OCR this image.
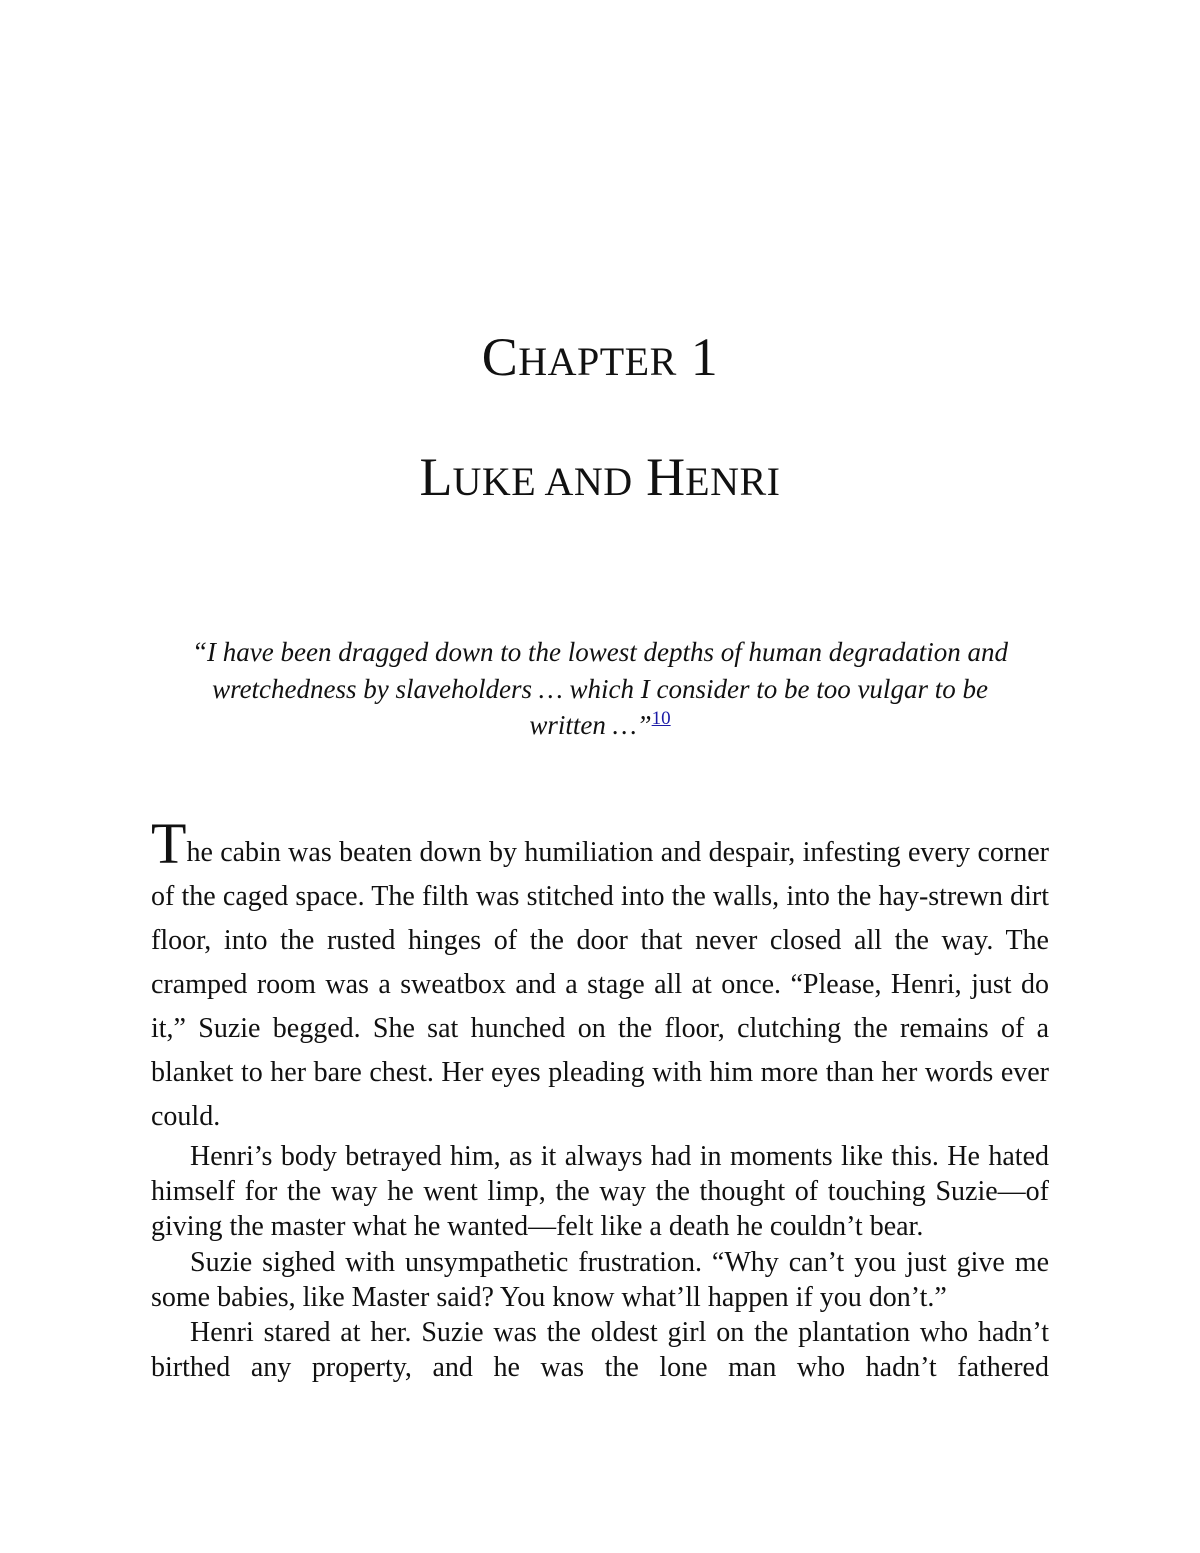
CHAPTER 1
LUKE AND HENRI
“I have been dragged down to the lowest depths of human degradation and wretchedness by slaveholders … which I consider to be too vulgar to be written …”$^{10}$

The cabin was beaten down by humiliation and despair, infesting every corner of the caged space. The filth was stitched into the walls, into the hay-strewn dirt floor, into the rusted hinges of the door that never closed all the way. The cramped room was a sweatbox and a stage all at once. “Please, Henri, just do it,” Suzie begged. She sat hunched on the floor, clutching the remains of a blanket to her bare chest. Her eyes pleading with him more than her words ever could.

Henri’s body betrayed him, as it always had in moments like this. He hated himself for the way he went limp, the way the thought of touching Suzie—of giving the master what he wanted—felt like a death he couldn’t bear.

Suzie sighed with unsympathetic frustration. “Why can’t you just give me some babies, like Master said? You know what’ll happen if you don’t.”

Henri stared at her. Suzie was the oldest girl on the plantation who hadn’t birthed any property, and he was the lone man who hadn’t fathered
